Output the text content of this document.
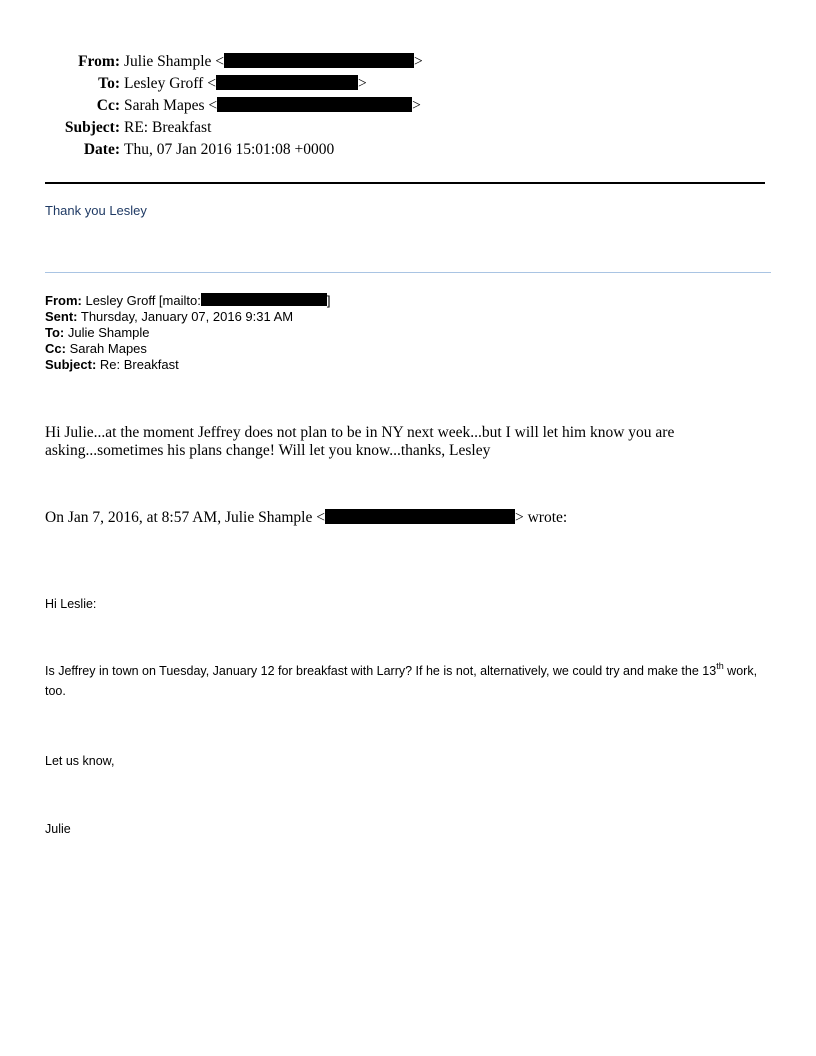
From: Julie Shample <	>
To: Lesley Groff <	>
Cc: Sarah Mapes <	>
Subject: RE: Breakfast
Date: Thu, 07 Jan 2016 15:01:08 +0000
Thank you Lesley
From: Lesley Groff [mailto:	]
Sent: Thursday, January 07, 2016 9:31 AM
To: Julie Shample
Cc: Sarah Mapes
Subject: Re: Breakfast
Hi Julie...at the moment Jeffrey does not plan to be in NY next week...but I will let him know you are asking...sometimes his plans change! Will let you know...thanks, Lesley
On Jan 7, 2016, at 8:57 AM, Julie Shample <	> wrote:
Hi Leslie:
Is Jeffrey in town on Tuesday, January 12 for breakfast with Larry? If he is not, alternatively, we could try and make the 13th work, too.
Let us know,
Julie
